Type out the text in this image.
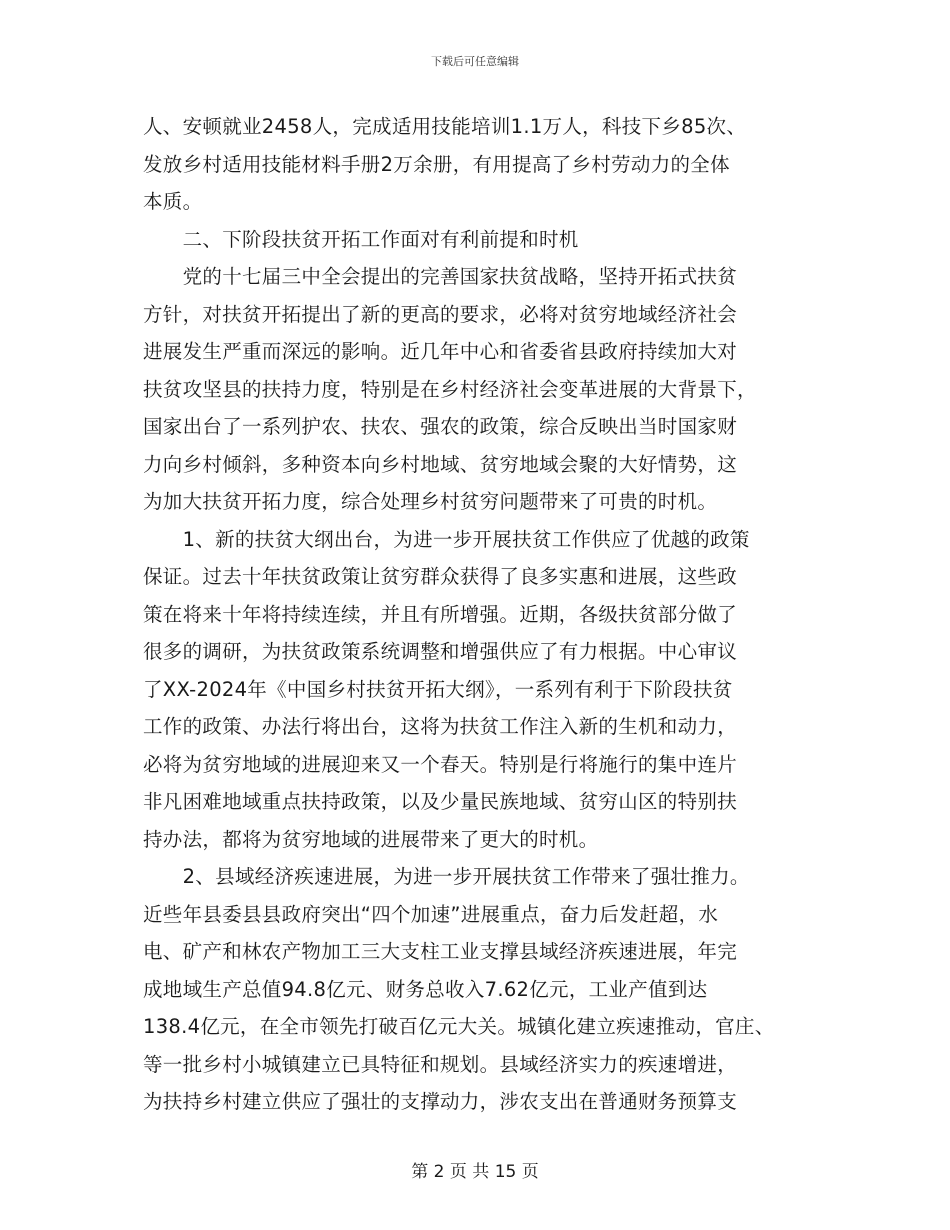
下载后可任意编辑
人、安顿就业2458人，完成适用技能培训1.1万人，科技下乡85次、
发放乡村适用技能材料手册2万余册，有用提高了乡村劳动力的全体
本质。
　　二、下阶段扶贫开拓工作面对有利前提和时机
　　党的十七届三中全会提出的完善国家扶贫战略，坚持开拓式扶贫
方针，对扶贫开拓提出了新的更高的要求，必将对贫穷地域经济社会
进展发生严重而深远的影响。近几年中心和省委省县政府持续加大对
扶贫攻坚县的扶持力度，特别是在乡村经济社会变革进展的大背景下，
国家出台了一系列护农、扶农、强农的政策，综合反映出当时国家财
力向乡村倾斜，多种资本向乡村地域、贫穷地域会聚的大好情势，这
为加大扶贫开拓力度，综合处理乡村贫穷问题带来了可贵的时机。
　　1、新的扶贫大纲出台，为进一步开展扶贫工作供应了优越的政策
保证。过去十年扶贫政策让贫穷群众获得了良多实惠和进展，这些政
策在将来十年将持续连续，并且有所增强。近期，各级扶贫部分做了
很多的调研，为扶贫政策系统调整和增强供应了有力根据。中心审议
了XX-2024年《中国乡村扶贫开拓大纲》，一系列有利于下阶段扶贫
工作的政策、办法行将出台，这将为扶贫工作注入新的生机和动力，
必将为贫穷地域的进展迎来又一个春天。特别是行将施行的集中连片
非凡困难地域重点扶持政策，以及少量民族地域、贫穷山区的特别扶
持办法，都将为贫穷地域的进展带来了更大的时机。
　　2、县域经济疾速进展，为进一步开展扶贫工作带来了强壮推力。
近些年县委县县政府突出“四个加速”进展重点，奋力后发赶超，水
电、矿产和林农产物加工三大支柱工业支撑县域经济疾速进展，年完
成地域生产总值94.8亿元、财务总收入7.62亿元，工业产值到达
138.4亿元，在全市领先打破百亿元大关。城镇化建立疾速推动，官庄、
等一批乡村小城镇建立已具特征和规划。县域经济实力的疾速增进，
为扶持乡村建立供应了强壮的支撑动力，涉农支出在普通财务预算支
第 2 页 共 15 页
